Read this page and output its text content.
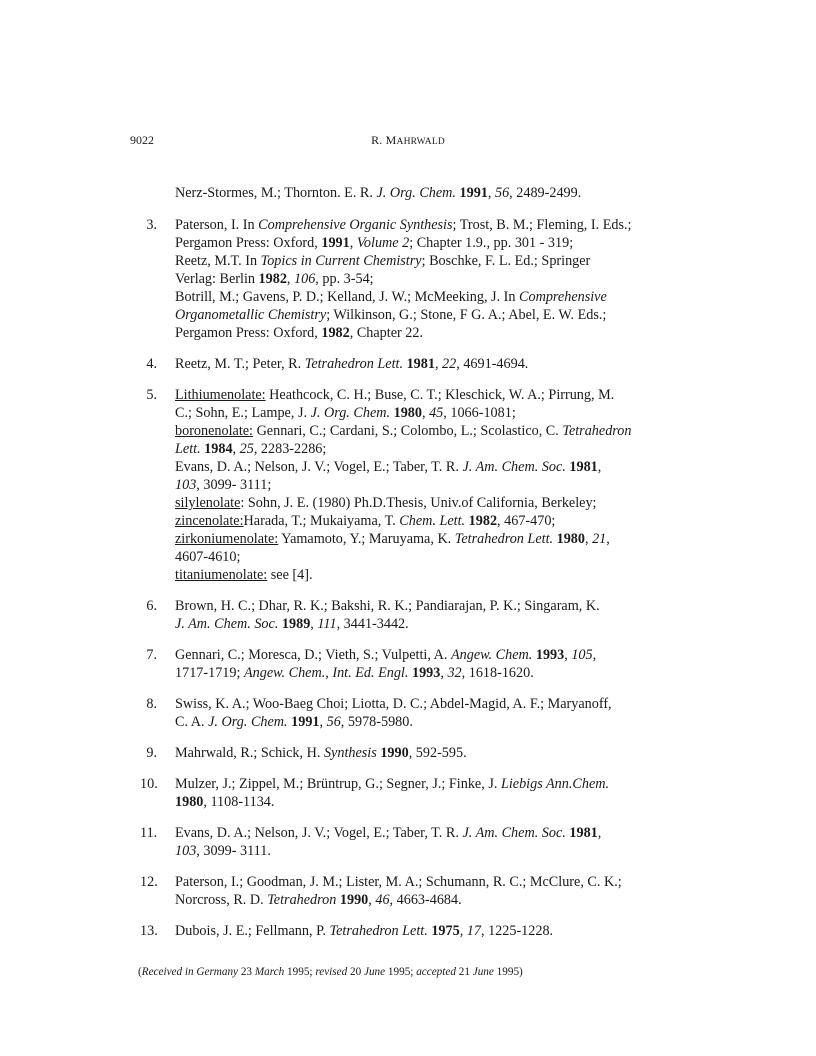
9022	R. MAHRWALD
Nerz-Stormes, M.; Thornton. E. R. J. Org. Chem. 1991, 56, 2489-2499.
3. Paterson, I. In Comprehensive Organic Synthesis; Trost, B. M.; Fleming, I. Eds.;
Pergamon Press: Oxford, 1991, Volume 2; Chapter 1.9., pp. 301 - 319;
Reetz, M.T. In Topics in Current Chemistry; Boschke, F. L. Ed.; Springer
Verlag: Berlin 1982, 106, pp. 3-54;
Botrill, M.; Gavens, P. D.; Kelland, J. W.; McMeeking, J. In Comprehensive
Organometallic Chemistry; Wilkinson, G.; Stone, F G. A.; Abel, E. W. Eds.;
Pergamon Press: Oxford, 1982, Chapter 22.
4. Reetz, M. T.; Peter, R. Tetrahedron Lett. 1981, 22, 4691-4694.
5. Lithiumenolate: Heathcock, C. H.; Buse, C. T.; Kleschick, W. A.; Pirrung, M.
C.; Sohn, E.; Lampe, J. J. Org. Chem. 1980, 45, 1066-1081;
boronenolate: Gennari, C.; Cardani, S.; Colombo, L.; Scolastico, C. Tetrahedron
Lett. 1984, 25, 2283-2286;
Evans, D. A.; Nelson, J. V.; Vogel, E.; Taber, T. R. J. Am. Chem. Soc. 1981,
103, 3099- 3111;
silylenolate: Sohn, J. E. (1980) Ph.D.Thesis, Univ.of California, Berkeley;
zincenolate:Harada, T.; Mukaiyama, T. Chem. Lett. 1982, 467-470;
zirkoniumenolate: Yamamoto, Y.; Maruyama, K. Tetrahedron Lett. 1980, 21,
4607-4610;
titaniumenolate: see [4].
6. Brown, H. C.; Dhar, R. K.; Bakshi, R. K.; Pandiarajan, P. K.; Singaram, K.
J. Am. Chem. Soc. 1989, 111, 3441-3442.
7. Gennari, C.; Moresca, D.; Vieth, S.; Vulpetti, A. Angew. Chem. 1993, 105,
1717-1719; Angew. Chem., Int. Ed. Engl. 1993, 32, 1618-1620.
8. Swiss, K. A.; Woo-Baeg Choi; Liotta, D. C.; Abdel-Magid, A. F.; Maryanoff,
C. A. J. Org. Chem. 1991, 56, 5978-5980.
9. Mahrwald, R.; Schick, H. Synthesis 1990, 592-595.
10. Mulzer, J.; Zippel, M.; Brüntrup, G.; Segner, J.; Finke, J. Liebigs Ann.Chem.
1980, 1108-1134.
11. Evans, D. A.; Nelson, J. V.; Vogel, E.; Taber, T. R. J. Am. Chem. Soc. 1981,
103, 3099- 3111.
12. Paterson, I.; Goodman, J. M.; Lister, M. A.; Schumann, R. C.; McClure, C. K.;
Norcross, R. D. Tetrahedron 1990, 46, 4663-4684.
13. Dubois, J. E.; Fellmann, P. Tetrahedron Lett. 1975, 17, 1225-1228.
(Received in Germany 23 March 1995; revised 20 June 1995; accepted 21 June 1995)
